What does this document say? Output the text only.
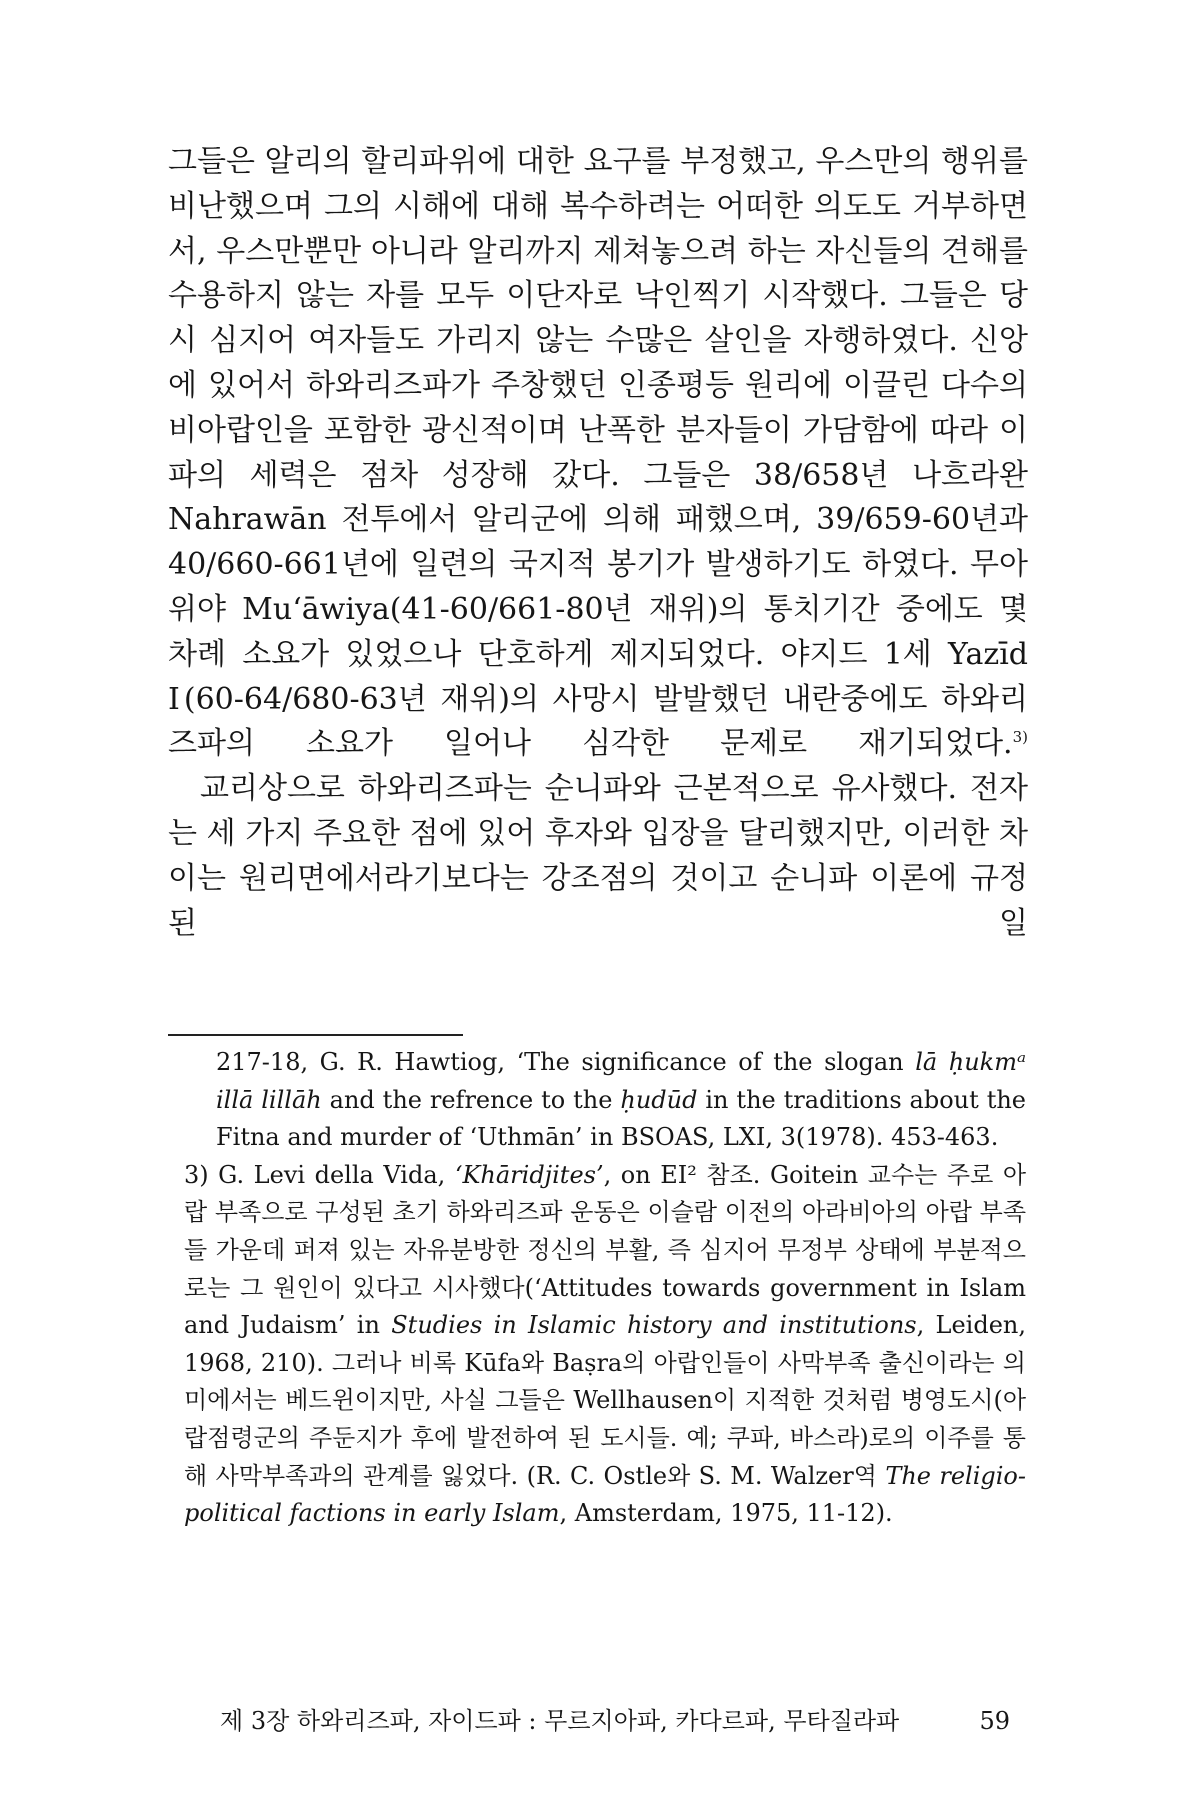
그들은 알리의 할리파위에 대한 요구를 부정했고, 우스만의 행위를 비난했으며 그의 시해에 대해 복수하려는 어떠한 의도도 거부하면서, 우스만뿐만 아니라 알리까지 제쳐놓으려 하는 자신들의 견해를 수용하지 않는 자를 모두 이단자로 낙인찍기 시작했다. 그들은 당시 심지어 여자들도 가리지 않는 수많은 살인을 자행하였다. 신앙에 있어서 하와리즈파가 주창했던 인종평등 원리에 이끌린 다수의 비아랍인을 포함한 광신적이며 난폭한 분자들이 가담함에 따라 이 파의 세력은 점차 성장해 갔다. 그들은 38/658년 나흐라완 Nahrawān 전투에서 알리군에 의해 패했으며, 39/659-60년과 40/660-661년에 일련의 국지적 봉기가 발생하기도 하였다. 무아위야 Mu‘āwiya(41-60/661-80년 재위)의 통치기간 중에도 몇 차례 소요가 있었으나 단호하게 제지되었다. 야지드 1세 Yazīd Ⅰ(60-64/680-63년 재위)의 사망시 발발했던 내란중에도 하와리즈파의 소요가 일어나 심각한 문제로 재기되었다.$^{3)}$

교리상으로 하와리즈파는 순니파와 근본적으로 유사했다. 전자는 세 가지 주요한 점에 있어 후자와 입장을 달리했지만, 이러한 차이는 원리면에서라기보다는 강조점의 것이고 순니파 이론에 규정된 일

217-18, G. R. Hawtiog, ‘The significance of the slogan lā ḥukmᵃ illā lillāh and the refrence to the ḥudūd in the traditions about the Fitna and murder of ‘Uthmān’ in BSOAS, LXI, 3(1978). 453-463.

3) G. Levi della Vida, ‘Khāridjites’, on EI² 참조. Goitein 교수는 주로 아랍 부족으로 구성된 초기 하와리즈파 운동은 이슬람 이전의 아라비아의 아랍 부족들 가운데 퍼져 있는 자유분방한 정신의 부활, 즉 심지어 무정부 상태에 부분적으로는 그 원인이 있다고 시사했다(‘Attitudes towards government in Islam and Judaism’ in Studies in Islamic history and institutions, Leiden, 1968, 210). 그러나 비록 Kūfa와 Baṣra의 아랍인들이 사막부족 출신이라는 의미에서는 베드윈이지만, 사실 그들은 Wellhausen이 지적한 것처럼 병영도시(아랍점령군의 주둔지가 후에 발전하여 된 도시들. 예; 쿠파, 바스라)로의 이주를 통해 사막부족과의 관계를 잃었다. (R. C. Ostle와 S. M. Walzer역 The religio-political factions in early Islam, Amsterdam, 1975, 11-12).

제 3장 하와리즈파, 자이드파 : 무르지아파, 카다르파, 무타질라파	59
